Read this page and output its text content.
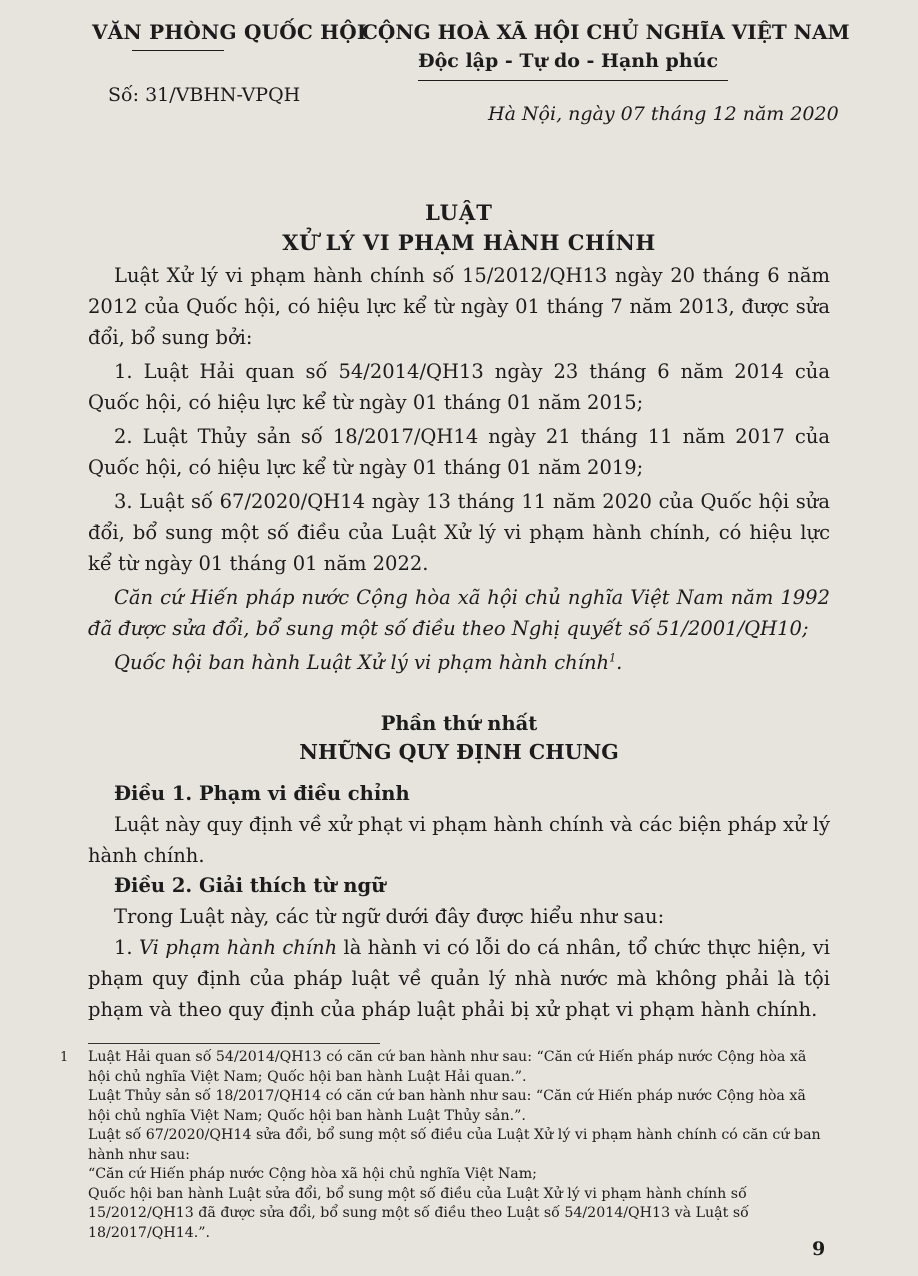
VĂN PHÒNG QUỐC HỘI
CỘNG HOÀ XÃ HỘI CHỦ NGHĨA VIỆT NAM
Độc lập - Tự do - Hạnh phúc
Số: 31/VBHN-VPQH
Hà Nội, ngày 07 tháng 12 năm 2020
LUẬT
XỬ LÝ VI PHẠM HÀNH CHÍNH

Luật Xử lý vi phạm hành chính số 15/2012/QH13 ngày 20 tháng 6 năm 2012 của Quốc hội, có hiệu lực kể từ ngày 01 tháng 7 năm 2013, được sửa đổi, bổ sung bởi:

1. Luật Hải quan số 54/2014/QH13 ngày 23 tháng 6 năm 2014 của Quốc hội, có hiệu lực kể từ ngày 01 tháng 01 năm 2015;

2. Luật Thủy sản số 18/2017/QH14 ngày 21 tháng 11 năm 2017 của Quốc hội, có hiệu lực kể từ ngày 01 tháng 01 năm 2019;

3. Luật số 67/2020/QH14 ngày 13 tháng 11 năm 2020 của Quốc hội sửa đổi, bổ sung một số điều của Luật Xử lý vi phạm hành chính, có hiệu lực kể từ ngày 01 tháng 01 năm 2022.

Căn cứ Hiến pháp nước Cộng hòa xã hội chủ nghĩa Việt Nam năm 1992 đã được sửa đổi, bổ sung một số điều theo Nghị quyết số 51/2001/QH10;

Quốc hội ban hành Luật Xử lý vi phạm hành chính$^1$.

Phần thứ nhất
NHỮNG QUY ĐỊNH CHUNG
Điều 1. Phạm vi điều chỉnh

Luật này quy định về xử phạt vi phạm hành chính và các biện pháp xử lý hành chính.

Điều 2. Giải thích từ ngữ

Trong Luật này, các từ ngữ dưới đây được hiểu như sau:

1. Vi phạm hành chính là hành vi có lỗi do cá nhân, tổ chức thực hiện, vi phạm quy định của pháp luật về quản lý nhà nước mà không phải là tội phạm và theo quy định của pháp luật phải bị xử phạt vi phạm hành chính.

1	Luật Hải quan số 54/2014/QH13 có căn cứ ban hành như sau: “Căn cứ Hiến pháp nước Cộng hòa xã hội chủ nghĩa Việt Nam; Quốc hội ban hành Luật Hải quan.”.

Luật Thủy sản số 18/2017/QH14 có căn cứ ban hành như sau: “Căn cứ Hiến pháp nước Cộng hòa xã hội chủ nghĩa Việt Nam; Quốc hội ban hành Luật Thủy sản.”.

Luật số 67/2020/QH14 sửa đổi, bổ sung một số điều của Luật Xử lý vi phạm hành chính có căn cứ ban hành như sau:

“Căn cứ Hiến pháp nước Cộng hòa xã hội chủ nghĩa Việt Nam;

Quốc hội ban hành Luật sửa đổi, bổ sung một số điều của Luật Xử lý vi phạm hành chính số 15/2012/QH13 đã được sửa đổi, bổ sung một số điều theo Luật số 54/2014/QH13 và Luật số 18/2017/QH14.”.

9
